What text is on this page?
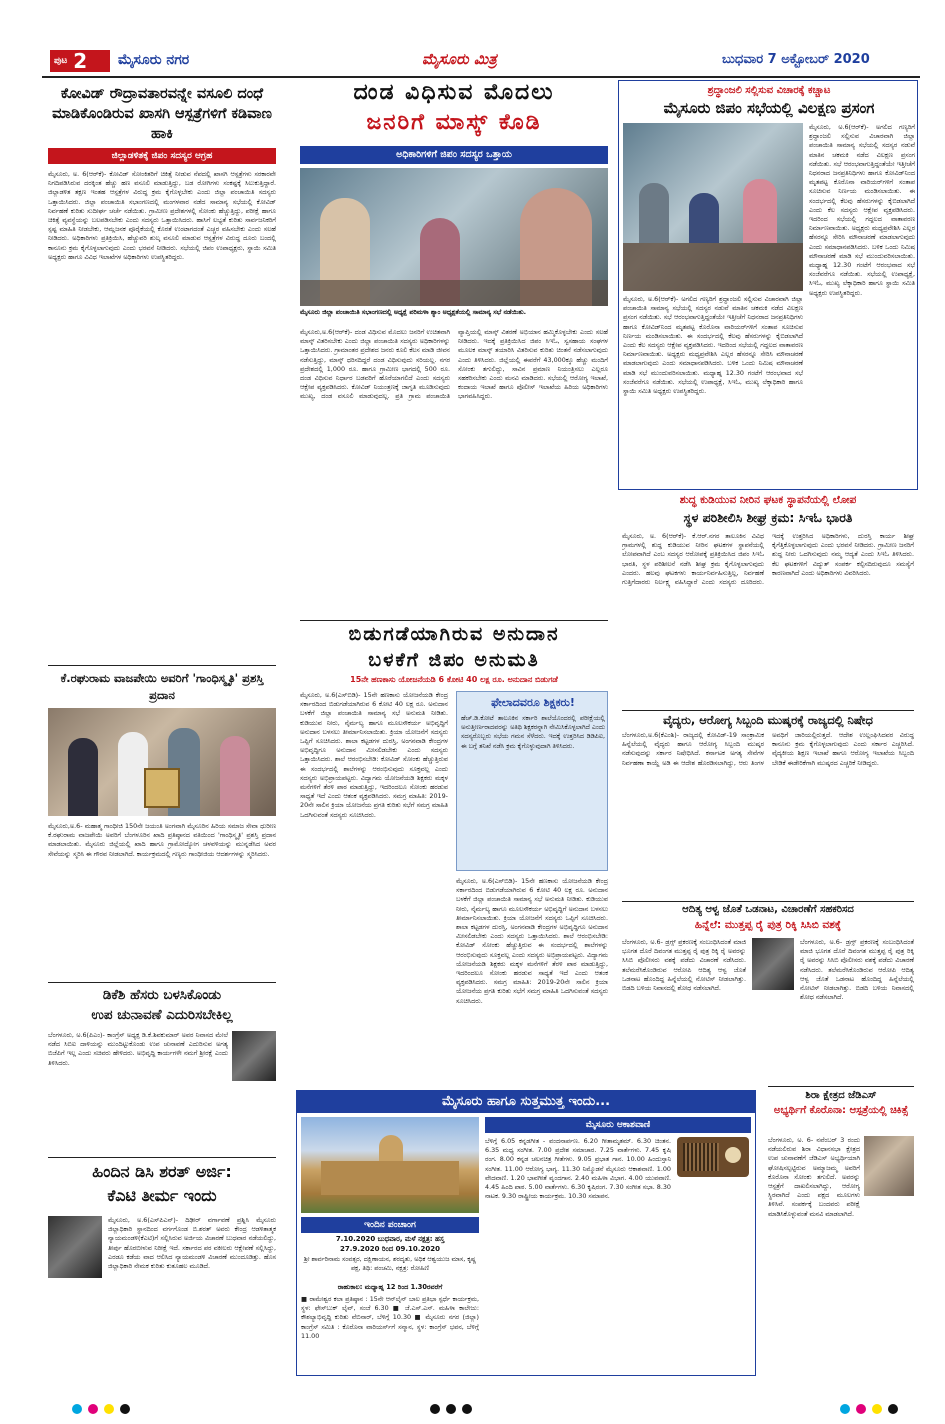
ಪುಟ 2 ಮೈಸೂರು ನಗರ	ಮೈಸೂರು ಮಿತ್ರ	ಬುಧವಾರ 7 ಅಕ್ಟೋಬರ್ 2020
ಕೋವಿಡ್ ರೌದ್ರಾವತಾರವನ್ನೇ ವಸೂಲಿ ದಂಧೆ ಮಾಡಿಕೊಂಡಿರುವ ಖಾಸಗಿ ಆಸ್ಪತ್ರೆಗಳಿಗೆ ಕಡಿವಾಣ ಹಾಕಿ
ಜಿಲ್ಲಾಡಳಿತಕ್ಕೆ ಜಿಪಂ ಸದಸ್ಯರ ಆಗ್ರಹ
ಮೈಸೂರು, ಅ. 6(ಆರ್‌ಕೆ)- ಕೋವಿಡ್ ಸೋಂಕಿತರಿಗೆ ಚಿಕಿತ್ಸೆ ನೀಡುವ ನೆಪದಲ್ಲಿ ಖಾಸಗಿ ಆಸ್ಪತ್ರೆಗಳು ಸರಕಾರವೇ ನಿಗದಿಪಡಿಸಿರುವ ದರಕ್ಕಿಂತ ಹೆಚ್ಚು ಹಣ ವಸೂಲಿ ಮಾಡುತ್ತಿದ್ದು, ಬಡ ರೋಗಿಗಳು ಸಂಕಷ್ಟಕ್ಕೆ ಸಿಲುಕುತ್ತಿದ್ದಾರೆ. ಜಿಲ್ಲಾಡಳಿತ ತಕ್ಷಣ ಇಂತಹ ಆಸ್ಪತ್ರೆಗಳ ವಿರುದ್ಧ ಕ್ರಮ ಕೈಗೊಳ್ಳಬೇಕು ಎಂದು ಜಿಲ್ಲಾ ಪಂಚಾಯಿತಿ ಸದಸ್ಯರು ಒತ್ತಾಯಿಸಿದರು. ಜಿಲ್ಲಾ ಪಂಚಾಯಿತಿ ಸಭಾಂಗಣದಲ್ಲಿ ಮಂಗಳವಾರ ನಡೆದ ಸಾಮಾನ್ಯ ಸಭೆಯಲ್ಲಿ ಕೋವಿಡ್ ನಿರ್ವಹಣೆ ಕುರಿತು ಸುದೀರ್ಘ ಚರ್ಚೆ ನಡೆಯಿತು. ಗ್ರಾಮೀಣ ಪ್ರದೇಶಗಳಲ್ಲಿ ಸೋಂಕು ಹೆಚ್ಚುತ್ತಿದ್ದು, ಪರೀಕ್ಷೆ ಹಾಗೂ ಚಿಕಿತ್ಸೆ ವ್ಯವಸ್ಥೆಯನ್ನು ಬಲಪಡಿಸಬೇಕು ಎಂದು ಸದಸ್ಯರು ಒತ್ತಾಯಿಸಿದರು. ಹಾಸಿಗೆ ಲಭ್ಯತೆ ಕುರಿತು ಸಾರ್ವಜನಿಕರಿಗೆ ಸ್ಪಷ್ಟ ಮಾಹಿತಿ ನೀಡಬೇಕು, ಆಮ್ಲಜನಕ ಪೂರೈಕೆಯಲ್ಲಿ ಕೊರತೆ ಉಂಟಾಗದಂತೆ ಎಚ್ಚರ ವಹಿಸಬೇಕು ಎಂದು ಸಲಹೆ ನೀಡಿದರು. ಅಧಿಕಾರಿಗಳು ಪ್ರತಿಕ್ರಿಯಿಸಿ, ಹೆಚ್ಚುವರಿ ಶುಲ್ಕ ವಸೂಲಿ ಮಾಡುವ ಆಸ್ಪತ್ರೆಗಳ ವಿರುದ್ಧ ದೂರು ಬಂದಲ್ಲಿ ಕಾನೂನು ಕ್ರಮ ಕೈಗೊಳ್ಳಲಾಗುವುದು ಎಂದು ಭರವಸೆ ನೀಡಿದರು. ಸಭೆಯಲ್ಲಿ ಜಿಪಂ ಉಪಾಧ್ಯಕ್ಷರು, ಸ್ಥಾಯಿ ಸಮಿತಿ ಅಧ್ಯಕ್ಷರು ಹಾಗೂ ವಿವಿಧ ಇಲಾಖೆಗಳ ಅಧಿಕಾರಿಗಳು ಉಪಸ್ಥಿತರಿದ್ದರು.
ಕೆ.ರಘುರಾಮ ವಾಜಪೇಯಿ ಅವರಿಗೆ 'ಗಾಂಧಿಸ್ಮೃತಿ' ಪ್ರಶಸ್ತಿ ಪ್ರದಾನ
ಮೈಸೂರು,ಅ.6- ಮಹಾತ್ಮ ಗಾಂಧೀಜಿ 150ನೇ ಜಯಂತಿ ಅಂಗವಾಗಿ ಮೈಸೂರಿನ ಹಿರಿಯ ಸಮಾಜ ಸೇವಾ ಧುರೀಣ ಕೆ.ರಘುರಾಮ ವಾಜಪೇಯಿ ಅವರಿಗೆ ಬೆಂಗಳೂರಿನ ಖಾದಿ ಪ್ರತಿಷ್ಠಾನದ ವತಿಯಿಂದ 'ಗಾಂಧಿಸ್ಮೃತಿ' ಪ್ರಶಸ್ತಿ ಪ್ರದಾನ ಮಾಡಲಾಯಿತು. ಮೈಸೂರು ಜಿಲ್ಲೆಯಲ್ಲಿ ಖಾದಿ ಹಾಗೂ ಗ್ರಾಮೋದ್ಯೋಗ ಚಳವಳಿಯನ್ನು ಮುನ್ನಡೆಸಿದ ಅವರ ಸೇವೆಯನ್ನು ಸ್ಮರಿಸಿ ಈ ಗೌರವ ನೀಡಲಾಗಿದೆ. ಕಾರ್ಯಕ್ರಮದಲ್ಲಿ ಗಣ್ಯರು ಗಾಂಧೀಜಿಯ ಆದರ್ಶಗಳನ್ನು ಸ್ಮರಿಸಿದರು.
ಡಿಕೆಶಿ ಹೆಸರು ಬಳಸಿಕೊಂಡು
ಉಪ ಚುನಾವಣೆ ಎದುರಿಸಬೇಕಿಲ್ಲ
ಬೆಂಗಳೂರು, ಅ.6(ಪಿಎಂ)- ಕಾಂಗ್ರೆಸ್ ಅಧ್ಯಕ್ಷ ಡಿ.ಕೆ.ಶಿವಕುಮಾರ್ ಅವರ ನಿವಾಸದ ಮೇಲೆ ನಡೆದ ಸಿಬಿಐ ದಾಳಿಯನ್ನು ಮುಂದಿಟ್ಟುಕೊಂಡು ಉಪ ಚುನಾವಣೆ ಎದುರಿಸುವ ಅಗತ್ಯ ಬಿಜೆಪಿಗೆ ಇಲ್ಲ ಎಂದು ಸಚಿವರು ಹೇಳಿದರು. ಅಭಿವೃದ್ಧಿ ಕಾರ್ಯಗಳೇ ನಮಗೆ ಶ್ರೀರಕ್ಷೆ ಎಂದು ತಿಳಿಸಿದರು.
ಹಿಂದಿನ ಡಿಸಿ ಶರತ್ ಅರ್ಜಿ:
ಕೆಎಟಿ ತೀರ್ಮ ಇಂದು
ಮೈಸೂರು, ಅ.6(ಎಸ್‌ಪಿಎನ್)- ದಿಢೀರ್ ವರ್ಗಾವಣೆ ಪ್ರಶ್ನಿಸಿ ಮೈಸೂರು ಜಿಲ್ಲಾಧಿಕಾರಿ ಸ್ಥಾನದಿಂದ ವರ್ಗಗೊಂಡ ಬಿ.ಶರತ್ ಅವರು ಕೇಂದ್ರ ಆಡಳಿತಾತ್ಮಕ ನ್ಯಾಯಮಂಡಳಿ(ಕೆಎಟಿ)ಗೆ ಸಲ್ಲಿಸಿರುವ ಅರ್ಜಿಯ ವಿಚಾರಣೆ ಬುಧವಾರ ನಡೆಯಲಿದ್ದು, ತೀರ್ಪು ಹೊರಬೀಳುವ ನಿರೀಕ್ಷೆ ಇದೆ. ಸರ್ಕಾರದ ಪರ ವಕೀಲರು ಆಕ್ಷೇಪಣೆ ಸಲ್ಲಿಸಿದ್ದು, ಎರಡೂ ಕಡೆಯ ವಾದ ಆಲಿಸಿದ ನ್ಯಾಯಮಂಡಳಿ ವಿಚಾರಣೆ ಮುಂದೂಡಿತ್ತು. ಹೊಸ ಜಿಲ್ಲಾಧಿಕಾರಿ ನೇಮಕ ಕುರಿತು ಕುತೂಹಲ ಮೂಡಿದೆ.
ದಂಡ ವಿಧಿಸುವ ಮೊದಲು
ಜನರಿಗೆ ಮಾಸ್ಕ್ ಕೊಡಿ
ಅಧಿಕಾರಿಗಳಿಗೆ ಜಿಪಂ ಸದಸ್ಯರ ಒತ್ತಾಯ
ಮೈಸೂರು ಜಿಲ್ಲಾ ಪಂಚಾಯಿತಿ ಸಭಾಂಗಣದಲ್ಲಿ ಅಧ್ಯಕ್ಷೆ ಪರಿಮಳಾ ಶ್ಯಾಂ ಅಧ್ಯಕ್ಷತೆಯಲ್ಲಿ ಸಾಮಾನ್ಯ ಸಭೆ ನಡೆಯಿತು.
ಮೈಸೂರು,ಅ.6(ಆರ್‌ಕೆ)- ದಂಡ ವಿಧಿಸುವ ಮೊದಲು ಜನರಿಗೆ ಉಚಿತವಾಗಿ ಮಾಸ್ಕ್ ವಿತರಿಸಬೇಕು ಎಂದು ಜಿಲ್ಲಾ ಪಂಚಾಯಿತಿ ಸದಸ್ಯರು ಅಧಿಕಾರಿಗಳನ್ನು ಒತ್ತಾಯಿಸಿದರು. ಗ್ರಾಮಾಂತರ ಪ್ರದೇಶದ ಜನರು ಕೂಲಿ ಕೆಲಸ ಮಾಡಿ ಜೀವನ ನಡೆಸುತ್ತಿದ್ದು, ಮಾಸ್ಕ್ ಧರಿಸದಿದ್ದರೆ ದಂಡ ವಿಧಿಸುವುದು ಸರಿಯಲ್ಲ. ನಗರ ಪ್ರದೇಶದಲ್ಲಿ 1,000 ರೂ. ಹಾಗೂ ಗ್ರಾಮೀಣ ಭಾಗದಲ್ಲಿ 500 ರೂ. ದಂಡ ವಿಧಿಸುವ ನಿರ್ಧಾರ ಬಡವರಿಗೆ ಹೊರೆಯಾಗಲಿದೆ ಎಂದು ಸದಸ್ಯರು ಆಕ್ಷೇಪ ವ್ಯಕ್ತಪಡಿಸಿದರು. ಕೋವಿಡ್ ನಿಯಂತ್ರಣಕ್ಕೆ ಜಾಗೃತಿ ಮೂಡಿಸುವುದು ಮುಖ್ಯ, ದಂಡ ವಸೂಲಿ ಮಾಡುವುದಲ್ಲ. ಪ್ರತಿ ಗ್ರಾಮ ಪಂಚಾಯಿತಿ ವ್ಯಾಪ್ತಿಯಲ್ಲಿ ಮಾಸ್ಕ್ ವಿತರಣೆ ಅಭಿಯಾನ ಹಮ್ಮಿಕೊಳ್ಳಬೇಕು ಎಂದು ಸಲಹೆ ನೀಡಿದರು. ಇದಕ್ಕೆ ಪ್ರತಿಕ್ರಿಯಿಸಿದ ಜಿಪಂ ಸಿಇಓ, ಸ್ವಸಹಾಯ ಸಂಘಗಳ ಮೂಲಕ ಮಾಸ್ಕ್ ತಯಾರಿಸಿ ವಿತರಿಸುವ ಕುರಿತು ಚಿಂತನೆ ನಡೆಸಲಾಗುವುದು ಎಂದು ತಿಳಿಸಿದರು. ಜಿಲ್ಲೆಯಲ್ಲಿ ಈವರೆಗೆ 43,000ಕ್ಕೂ ಹೆಚ್ಚು ಮಂದಿಗೆ ಸೋಂಕು ತಗುಲಿದ್ದು, ಸಾವಿನ ಪ್ರಮಾಣ ನಿಯಂತ್ರಿಸಲು ಎಲ್ಲರೂ ಸಹಕರಿಸಬೇಕು ಎಂದು ಮನವಿ ಮಾಡಿದರು. ಸಭೆಯಲ್ಲಿ ಆರೋಗ್ಯ ಇಲಾಖೆ, ಕಂದಾಯ ಇಲಾಖೆ ಹಾಗೂ ಪೊಲೀಸ್ ಇಲಾಖೆಯ ಹಿರಿಯ ಅಧಿಕಾರಿಗಳು ಭಾಗವಹಿಸಿದ್ದರು.
ಬಿಡುಗಡೆಯಾಗಿರುವ ಅನುದಾನ
ಬಳಕೆಗೆ ಜಿಪಂ ಅನುಮತಿ
15ನೇ ಹಣಕಾಸು ಯೋಜನೆಯಡಿ 6 ಕೋಟಿ 40 ಲಕ್ಷ ರೂ. ಅನುದಾನ ಬಿಡುಗಡೆ
ಮೈಸೂರು, ಅ.6(ಎಸ್‌ಬಿಡಿ)- 15ನೇ ಹಣಕಾಸು ಯೋಜನೆಯಡಿ ಕೇಂದ್ರ ಸರ್ಕಾರದಿಂದ ಬಿಡುಗಡೆಯಾಗಿರುವ 6 ಕೋಟಿ 40 ಲಕ್ಷ ರೂ. ಅನುದಾನ ಬಳಕೆಗೆ ಜಿಲ್ಲಾ ಪಂಚಾಯಿತಿ ಸಾಮಾನ್ಯ ಸಭೆ ಅನುಮತಿ ನೀಡಿತು. ಕುಡಿಯುವ ನೀರು, ನೈರ್ಮಲ್ಯ ಹಾಗೂ ಮೂಲಸೌಕರ್ಯ ಅಭಿವೃದ್ಧಿಗೆ ಅನುದಾನ ಬಳಸಲು ತೀರ್ಮಾನಿಸಲಾಯಿತು. ಕ್ರಿಯಾ ಯೋಜನೆಗೆ ಸದಸ್ಯರು ಒಪ್ಪಿಗೆ ಸೂಚಿಸಿದರು. ಶಾಲಾ ಕಟ್ಟಡಗಳ ದುರಸ್ತಿ, ಅಂಗನವಾಡಿ ಕೇಂದ್ರಗಳ ಅಭಿವೃದ್ಧಿಗೂ ಅನುದಾನ ಮೀಸಲಿಡಬೇಕು ಎಂದು ಸದಸ್ಯರು ಒತ್ತಾಯಿಸಿದರು. ಶಾಲೆ ಆರಂಭಿಸಬೇಡಿ: ಕೋವಿಡ್ ಸೋಂಕು ಹೆಚ್ಚುತ್ತಿರುವ ಈ ಸಂದರ್ಭದಲ್ಲಿ ಶಾಲೆಗಳನ್ನು ಆರಂಭಿಸುವುದು ಸೂಕ್ತವಲ್ಲ ಎಂದು ಸದಸ್ಯರು ಅಭಿಪ್ರಾಯಪಟ್ಟರು. ವಿದ್ಯಾಗಮ ಯೋಜನೆಯಡಿ ಶಿಕ್ಷಕರು ಮಕ್ಕಳ ಮನೆಗಳಿಗೆ ತೆರಳಿ ಪಾಠ ಮಾಡುತ್ತಿದ್ದು, ಇದರಿಂದಲೂ ಸೋಂಕು ಹರಡುವ ಸಾಧ್ಯತೆ ಇದೆ ಎಂದು ಆತಂಕ ವ್ಯಕ್ತಪಡಿಸಿದರು. ಸಮಗ್ರ ಮಾಹಿತಿ: 2019-20ನೇ ಸಾಲಿನ ಕ್ರಿಯಾ ಯೋಜನೆಯ ಪ್ರಗತಿ ಕುರಿತು ಸಭೆಗೆ ಸಮಗ್ರ ಮಾಹಿತಿ ಒದಗಿಸುವಂತೆ ಸದಸ್ಯರು ಸೂಚಿಸಿದರು.
ಫೇಲಾದವರೂ ಶಿಕ್ಷಕರು!
ಹೆಚ್.ಡಿ.ಕೋಟೆ ತಾಲೂಕಿನ ಸರ್ಕಾರಿ ಶಾಲೆಯೊಂದರಲ್ಲಿ ಪರೀಕ್ಷೆಯಲ್ಲಿ ಅನುತ್ತೀರ್ಣರಾದವರನ್ನು ಅತಿಥಿ ಶಿಕ್ಷಕರನ್ನಾಗಿ ನೇಮಿಸಿಕೊಳ್ಳಲಾಗಿದೆ ಎಂದು ಸದಸ್ಯರೊಬ್ಬರು ಸಭೆಯ ಗಮನ ಸೆಳೆದರು. ಇದಕ್ಕೆ ಉತ್ತರಿಸಿದ ಡಿಡಿಪಿಐ, ಈ ಬಗ್ಗೆ ತನಿಖೆ ನಡೆಸಿ ಕ್ರಮ ಕೈಗೊಳ್ಳುವುದಾಗಿ ತಿಳಿಸಿದರು.
ಮೈಸೂರು, ಅ.6(ಎಸ್‌ಬಿಡಿ)- 15ನೇ ಹಣಕಾಸು ಯೋಜನೆಯಡಿ ಕೇಂದ್ರ ಸರ್ಕಾರದಿಂದ ಬಿಡುಗಡೆಯಾಗಿರುವ 6 ಕೋಟಿ 40 ಲಕ್ಷ ರೂ. ಅನುದಾನ ಬಳಕೆಗೆ ಜಿಲ್ಲಾ ಪಂಚಾಯಿತಿ ಸಾಮಾನ್ಯ ಸಭೆ ಅನುಮತಿ ನೀಡಿತು. ಕುಡಿಯುವ ನೀರು, ನೈರ್ಮಲ್ಯ ಹಾಗೂ ಮೂಲಸೌಕರ್ಯ ಅಭಿವೃದ್ಧಿಗೆ ಅನುದಾನ ಬಳಸಲು ತೀರ್ಮಾನಿಸಲಾಯಿತು. ಕ್ರಿಯಾ ಯೋಜನೆಗೆ ಸದಸ್ಯರು ಒಪ್ಪಿಗೆ ಸೂಚಿಸಿದರು. ಶಾಲಾ ಕಟ್ಟಡಗಳ ದುರಸ್ತಿ, ಅಂಗನವಾಡಿ ಕೇಂದ್ರಗಳ ಅಭಿವೃದ್ಧಿಗೂ ಅನುದಾನ ಮೀಸಲಿಡಬೇಕು ಎಂದು ಸದಸ್ಯರು ಒತ್ತಾಯಿಸಿದರು. ಶಾಲೆ ಆರಂಭಿಸಬೇಡಿ: ಕೋವಿಡ್ ಸೋಂಕು ಹೆಚ್ಚುತ್ತಿರುವ ಈ ಸಂದರ್ಭದಲ್ಲಿ ಶಾಲೆಗಳನ್ನು ಆರಂಭಿಸುವುದು ಸೂಕ್ತವಲ್ಲ ಎಂದು ಸದಸ್ಯರು ಅಭಿಪ್ರಾಯಪಟ್ಟರು. ವಿದ್ಯಾಗಮ ಯೋಜನೆಯಡಿ ಶಿಕ್ಷಕರು ಮಕ್ಕಳ ಮನೆಗಳಿಗೆ ತೆರಳಿ ಪಾಠ ಮಾಡುತ್ತಿದ್ದು, ಇದರಿಂದಲೂ ಸೋಂಕು ಹರಡುವ ಸಾಧ್ಯತೆ ಇದೆ ಎಂದು ಆತಂಕ ವ್ಯಕ್ತಪಡಿಸಿದರು. ಸಮಗ್ರ ಮಾಹಿತಿ: 2019-20ನೇ ಸಾಲಿನ ಕ್ರಿಯಾ ಯೋಜನೆಯ ಪ್ರಗತಿ ಕುರಿತು ಸಭೆಗೆ ಸಮಗ್ರ ಮಾಹಿತಿ ಒದಗಿಸುವಂತೆ ಸದಸ್ಯರು ಸೂಚಿಸಿದರು.
ಶ್ರದ್ಧಾಂಜಲಿ ಸಲ್ಲಿಸುವ ವಿಚಾರಕ್ಕೆ ಕಚ್ಚಾಟ
ಮೈಸೂರು ಜಿಪಂ ಸಭೆಯಲ್ಲಿ ವಿಲಕ್ಷಣ ಪ್ರಸಂಗ
ಮೈಸೂರು, ಅ.6(ಆರ್‌ಕೆ)- ಅಗಲಿದ ಗಣ್ಯರಿಗೆ ಶ್ರದ್ಧಾಂಜಲಿ ಸಲ್ಲಿಸುವ ವಿಚಾರವಾಗಿ ಜಿಲ್ಲಾ ಪಂಚಾಯಿತಿ ಸಾಮಾನ್ಯ ಸಭೆಯಲ್ಲಿ ಸದಸ್ಯರ ನಡುವೆ ಮಾತಿನ ಚಕಮಕಿ ನಡೆದ ವಿಲಕ್ಷಣ ಪ್ರಸಂಗ ನಡೆಯಿತು. ಸಭೆ ಆರಂಭವಾಗುತ್ತಿದ್ದಂತೆಯೇ ಇತ್ತೀಚೆಗೆ ನಿಧನರಾದ ಜನಪ್ರತಿನಿಧಿಗಳು ಹಾಗೂ ಕೋವಿಡ್‌ನಿಂದ ಮೃತಪಟ್ಟ ಕೊರೊನಾ ವಾರಿಯರ್‌ಗಳಿಗೆ ಸಂತಾಪ ಸೂಚಿಸುವ ನಿರ್ಣಯ ಮಂಡಿಸಲಾಯಿತು. ಈ ಸಂದರ್ಭದಲ್ಲಿ ಕೆಲವು ಹೆಸರುಗಳನ್ನು ಕೈಬಿಡಲಾಗಿದೆ ಎಂದು ಕೆಲ ಸದಸ್ಯರು ಆಕ್ಷೇಪ ವ್ಯಕ್ತಪಡಿಸಿದರು. ಇದರಿಂದ ಸಭೆಯಲ್ಲಿ ಗದ್ದಲದ ವಾತಾವರಣ ನಿರ್ಮಾಣವಾಯಿತು. ಅಧ್ಯಕ್ಷರು ಮಧ್ಯಪ್ರವೇಶಿಸಿ ಎಲ್ಲರ ಹೆಸರನ್ನೂ ಸೇರಿಸಿ ಮೌನಾಚರಣೆ ಮಾಡಲಾಗುವುದು ಎಂದು ಸಮಾಧಾನಪಡಿಸಿದರು. ಬಳಿಕ ಒಂದು ನಿಮಿಷ ಮೌನಾಚರಣೆ ಮಾಡಿ ಸಭೆ ಮುಂದುವರಿಸಲಾಯಿತು. ಮಧ್ಯಾಹ್ನ 12.30 ಗಂಟೆಗೆ ಆರಂಭವಾದ ಸಭೆ ಸಂಜೆವರೆಗೂ ನಡೆಯಿತು. ಸಭೆಯಲ್ಲಿ ಉಪಾಧ್ಯಕ್ಷೆ, ಸಿಇಓ, ಮುಖ್ಯ ಲೆಕ್ಕಾಧಿಕಾರಿ ಹಾಗೂ ಸ್ಥಾಯಿ ಸಮಿತಿ ಅಧ್ಯಕ್ಷರು ಉಪಸ್ಥಿತರಿದ್ದರು.
ಮೈಸೂರು, ಅ.6(ಆರ್‌ಕೆ)- ಅಗಲಿದ ಗಣ್ಯರಿಗೆ ಶ್ರದ್ಧಾಂಜಲಿ ಸಲ್ಲಿಸುವ ವಿಚಾರವಾಗಿ ಜಿಲ್ಲಾ ಪಂಚಾಯಿತಿ ಸಾಮಾನ್ಯ ಸಭೆಯಲ್ಲಿ ಸದಸ್ಯರ ನಡುವೆ ಮಾತಿನ ಚಕಮಕಿ ನಡೆದ ವಿಲಕ್ಷಣ ಪ್ರಸಂಗ ನಡೆಯಿತು. ಸಭೆ ಆರಂಭವಾಗುತ್ತಿದ್ದಂತೆಯೇ ಇತ್ತೀಚೆಗೆ ನಿಧನರಾದ ಜನಪ್ರತಿನಿಧಿಗಳು ಹಾಗೂ ಕೋವಿಡ್‌ನಿಂದ ಮೃತಪಟ್ಟ ಕೊರೊನಾ ವಾರಿಯರ್‌ಗಳಿಗೆ ಸಂತಾಪ ಸೂಚಿಸುವ ನಿರ್ಣಯ ಮಂಡಿಸಲಾಯಿತು. ಈ ಸಂದರ್ಭದಲ್ಲಿ ಕೆಲವು ಹೆಸರುಗಳನ್ನು ಕೈಬಿಡಲಾಗಿದೆ ಎಂದು ಕೆಲ ಸದಸ್ಯರು ಆಕ್ಷೇಪ ವ್ಯಕ್ತಪಡಿಸಿದರು. ಇದರಿಂದ ಸಭೆಯಲ್ಲಿ ಗದ್ದಲದ ವಾತಾವರಣ ನಿರ್ಮಾಣವಾಯಿತು. ಅಧ್ಯಕ್ಷರು ಮಧ್ಯಪ್ರವೇಶಿಸಿ ಎಲ್ಲರ ಹೆಸರನ್ನೂ ಸೇರಿಸಿ ಮೌನಾಚರಣೆ ಮಾಡಲಾಗುವುದು ಎಂದು ಸಮಾಧಾನಪಡಿಸಿದರು. ಬಳಿಕ ಒಂದು ನಿಮಿಷ ಮೌನಾಚರಣೆ ಮಾಡಿ ಸಭೆ ಮುಂದುವರಿಸಲಾಯಿತು. ಮಧ್ಯಾಹ್ನ 12.30 ಗಂಟೆಗೆ ಆರಂಭವಾದ ಸಭೆ ಸಂಜೆವರೆಗೂ ನಡೆಯಿತು. ಸಭೆಯಲ್ಲಿ ಉಪಾಧ್ಯಕ್ಷೆ, ಸಿಇಓ, ಮುಖ್ಯ ಲೆಕ್ಕಾಧಿಕಾರಿ ಹಾಗೂ ಸ್ಥಾಯಿ ಸಮಿತಿ ಅಧ್ಯಕ್ಷರು ಉಪಸ್ಥಿತರಿದ್ದರು.
ಶುದ್ಧ ಕುಡಿಯುವ ನೀರಿನ ಘಟಕ ಸ್ಥಾಪನೆಯಲ್ಲಿ ಲೋಪ
ಸ್ಥಳ ಪರಿಶೀಲಿಸಿ ಶೀಘ್ರ ಕ್ರಮ: ಸಿಇಓ ಭಾರತಿ
ಮೈಸೂರು, ಅ. 6(ಆರ್‌ಕೆ)- ಕೆ.ಆರ್.ನಗರ ತಾಲೂಕಿನ ವಿವಿಧ ಗ್ರಾಮಗಳಲ್ಲಿ ಶುದ್ಧ ಕುಡಿಯುವ ನೀರಿನ ಘಟಕಗಳ ಸ್ಥಾಪನೆಯಲ್ಲಿ ಲೋಪವಾಗಿದೆ ಎಂಬ ಸದಸ್ಯರ ಆರೋಪಕ್ಕೆ ಪ್ರತಿಕ್ರಿಯಿಸಿದ ಜಿಪಂ ಸಿಇಓ ಭಾರತಿ, ಸ್ಥಳ ಪರಿಶೀಲನೆ ನಡೆಸಿ ಶೀಘ್ರ ಕ್ರಮ ಕೈಗೊಳ್ಳಲಾಗುವುದು ಎಂದರು. ಹಲವು ಘಟಕಗಳು ಕಾರ್ಯನಿರ್ವಹಿಸುತ್ತಿಲ್ಲ, ನಿರ್ವಹಣೆ ಗುತ್ತಿಗೆದಾರರು ನಿರ್ಲಕ್ಷ್ಯ ವಹಿಸಿದ್ದಾರೆ ಎಂದು ಸದಸ್ಯರು ದೂರಿದರು. ಇದಕ್ಕೆ ಉತ್ತರಿಸಿದ ಅಧಿಕಾರಿಗಳು, ದುರಸ್ತಿ ಕಾರ್ಯ ಶೀಘ್ರ ಕೈಗೆತ್ತಿಕೊಳ್ಳಲಾಗುವುದು ಎಂದು ಭರವಸೆ ನೀಡಿದರು. ಗ್ರಾಮೀಣ ಜನರಿಗೆ ಶುದ್ಧ ನೀರು ಒದಗಿಸುವುದು ನಮ್ಮ ಆದ್ಯತೆ ಎಂದು ಸಿಇಓ ತಿಳಿಸಿದರು. ಕೆಲ ಘಟಕಗಳಿಗೆ ವಿದ್ಯುತ್ ಸಂಪರ್ಕ ಕಲ್ಪಿಸದಿರುವುದೂ ಸಮಸ್ಯೆಗೆ ಕಾರಣವಾಗಿದೆ ಎಂದು ಅಧಿಕಾರಿಗಳು ವಿವರಿಸಿದರು.
ವೈದ್ಯರು, ಆರೋಗ್ಯ ಸಿಬ್ಬಂದಿ ಮುಷ್ಕರಕ್ಕೆ ರಾಜ್ಯದಲ್ಲಿ ನಿಷೇಧ
ಬೆಂಗಳೂರು,ಅ.6(ಕೆಎಂಶಿ)- ರಾಜ್ಯದಲ್ಲಿ ಕೋವಿಡ್-19 ಸಾಂಕ್ರಾಮಿಕ ಹಿನ್ನೆಲೆಯಲ್ಲಿ ವೈದ್ಯರು ಹಾಗೂ ಆರೋಗ್ಯ ಸಿಬ್ಬಂದಿ ಮುಷ್ಕರ ನಡೆಸುವುದನ್ನು ಸರ್ಕಾರ ನಿಷೇಧಿಸಿದೆ. ಕರ್ನಾಟಕ ಅಗತ್ಯ ಸೇವೆಗಳ ನಿರ್ವಹಣಾ ಕಾಯ್ದೆ ಅಡಿ ಈ ಆದೇಶ ಹೊರಡಿಸಲಾಗಿದ್ದು, ಆರು ತಿಂಗಳ ಅವಧಿಗೆ ಜಾರಿಯಲ್ಲಿರುತ್ತದೆ. ಆದೇಶ ಉಲ್ಲಂಘಿಸಿದವರ ವಿರುದ್ಧ ಕಾನೂನು ಕ್ರಮ ಕೈಗೊಳ್ಳಲಾಗುವುದು ಎಂದು ಸರ್ಕಾರ ಎಚ್ಚರಿಸಿದೆ. ವೈದ್ಯಕೀಯ ಶಿಕ್ಷಣ ಇಲಾಖೆ ಹಾಗೂ ಆರೋಗ್ಯ ಇಲಾಖೆಯ ಸಿಬ್ಬಂದಿ ಬೇಡಿಕೆ ಈಡೇರಿಕೆಗಾಗಿ ಮುಷ್ಕರದ ಎಚ್ಚರಿಕೆ ನೀಡಿದ್ದರು.
ಆದಿತ್ಯ ಆಳ್ವ ಜೊತೆ ಒಡನಾಟ, ವಿಚಾರಣೆಗೆ ಸಹಕರಿಸದ
ಹಿನ್ನೆಲೆ: ಮುತ್ತಪ್ಪ ರೈ ಪುತ್ರ ರಿಕ್ಕಿ ಸಿಸಿಬಿ ವಶಕ್ಕೆ
ಬೆಂಗಳೂರು, ಅ.6- ಡ್ರಗ್ಸ್ ಪ್ರಕರಣಕ್ಕೆ ಸಂಬಂಧಿಸಿದಂತೆ ಮಾಜಿ ಭೂಗತ ದೊರೆ ದಿವಂಗತ ಮುತ್ತಪ್ಪ ರೈ ಪುತ್ರ ರಿಕ್ಕಿ ರೈ ಅವರನ್ನು ಸಿಸಿಬಿ ಪೊಲೀಸರು ವಶಕ್ಕೆ ಪಡೆದು ವಿಚಾರಣೆ ನಡೆಸಿದರು. ತಲೆಮರೆಸಿಕೊಂಡಿರುವ ಆರೋಪಿ ಆದಿತ್ಯ ಆಳ್ವ ಜೊತೆ ಒಡನಾಟ ಹೊಂದಿದ್ದ ಹಿನ್ನೆಲೆಯಲ್ಲಿ ನೋಟಿಸ್ ನೀಡಲಾಗಿತ್ತು. ಬಿಡದಿ ಬಳಿಯ ನಿವಾಸದಲ್ಲಿ ಶೋಧ ನಡೆಸಲಾಗಿದೆ.
ಬೆಂಗಳೂರು, ಅ.6- ಡ್ರಗ್ಸ್ ಪ್ರಕರಣಕ್ಕೆ ಸಂಬಂಧಿಸಿದಂತೆ ಮಾಜಿ ಭೂಗತ ದೊರೆ ದಿವಂಗತ ಮುತ್ತಪ್ಪ ರೈ ಪುತ್ರ ರಿಕ್ಕಿ ರೈ ಅವರನ್ನು ಸಿಸಿಬಿ ಪೊಲೀಸರು ವಶಕ್ಕೆ ಪಡೆದು ವಿಚಾರಣೆ ನಡೆಸಿದರು. ತಲೆಮರೆಸಿಕೊಂಡಿರುವ ಆರೋಪಿ ಆದಿತ್ಯ ಆಳ್ವ ಜೊತೆ ಒಡನಾಟ ಹೊಂದಿದ್ದ ಹಿನ್ನೆಲೆಯಲ್ಲಿ ನೋಟಿಸ್ ನೀಡಲಾಗಿತ್ತು. ಬಿಡದಿ ಬಳಿಯ ನಿವಾಸದಲ್ಲಿ ಶೋಧ ನಡೆಸಲಾಗಿದೆ.
ಶಿರಾ ಕ್ಷೇತ್ರದ ಜೆಡಿಎಸ್
ಅಭ್ಯರ್ಥಿಗೆ ಕೊರೊನಾ: ಆಸ್ಪತ್ರೆಯಲ್ಲಿ ಚಿಕಿತ್ಸೆ
ಬೆಂಗಳೂರು, ಅ. 6- ನವೆಂಬರ್ 3 ರಂದು ನಡೆಯಲಿರುವ ಶಿರಾ ವಿಧಾನಸಭಾ ಕ್ಷೇತ್ರದ ಉಪ ಚುನಾವಣೆಗೆ ಜೆಡಿಎಸ್ ಅಭ್ಯರ್ಥಿಯಾಗಿ ಘೋಷಿಸಲ್ಪಟ್ಟಿರುವ ಅಮ್ಮಾಜಮ್ಮ ಅವರಿಗೆ ಕೊರೊನಾ ಸೋಂಕು ತಗುಲಿದೆ. ಅವರನ್ನು ಆಸ್ಪತ್ರೆಗೆ ದಾಖಲಿಸಲಾಗಿದ್ದು, ಆರೋಗ್ಯ ಸ್ಥಿರವಾಗಿದೆ ಎಂದು ಪಕ್ಷದ ಮೂಲಗಳು ತಿಳಿಸಿವೆ. ಸಂಪರ್ಕಕ್ಕೆ ಬಂದವರು ಪರೀಕ್ಷೆ ಮಾಡಿಸಿಕೊಳ್ಳುವಂತೆ ಮನವಿ ಮಾಡಲಾಗಿದೆ.
ಮೈಸೂರು ಹಾಗೂ ಸುತ್ತಮುತ್ತ ಇಂದು...
ಇಂದಿನ ಪಂಚಾಂಗ
7.10.2020 ಬುಧವಾರ, ಮಳೆ ನಕ್ಷತ್ರ: ಹಸ್ತ
27.9.2020 ರಿಂದ 09.10.2020
ಶ್ರೀ ಶಾರ್ವರಿನಾಮ ಸಂವತ್ಸರ, ದಕ್ಷಿಣಾಯನ, ಶರದೃತು, ಅಧಿಕ ಆಶ್ವಯುಜ ಮಾಸ, ಕೃಷ್ಣ ಪಕ್ಷ, ತಿಥಿ: ಪಂಚಮಿ, ನಕ್ಷತ್ರ: ರೋಹಿಣಿ
ರಾಹುಕಾಲ: ಮಧ್ಯಾಹ್ನ 12 ರಿಂದ 1.30ರವರೆಗೆ
■ ರಾಮೇಶ್ವರ ಕಲಾ ಪ್ರತಿಷ್ಠಾನ : 15ನೇ ಆನ್‌ಲೈನ್ ಬಾಲ ಪ್ರತಿಭಾ ಸ್ಪರ್ಧೆ ಕಾರ್ಯಕ್ರಮ, ಸ್ಥಳ: ಫೇಸ್‌ಬುಕ್ ಲೈವ್, ಸಂಜೆ 6.30 ■ ಜೆ.ಎಸ್.ಎಸ್. ಮಹಿಳಾ ಕಾಲೇಜು: ಕೌಶಲ್ಯಾಭಿವೃದ್ಧಿ ಕುರಿತು ವೆಬಿನಾರ್, ಬೆಳಿಗ್ಗೆ 10.30 ■ ಮೈಸೂರು ನಗರ (ಜಿಲ್ಲಾ) ಕಾಂಗ್ರೆಸ್ ಸಮಿತಿ : ಕೊರೊನಾ ವಾರಿಯರ್ಸ್‌ಗೆ ಸನ್ಮಾನ, ಸ್ಥಳ: ಕಾಂಗ್ರೆಸ್ ಭವನ, ಬೆಳಿಗ್ಗೆ 11.00
ಮೈಸೂರು ಆಕಾಶವಾಣಿ
ಬೆಳಿಗ್ಗೆ 6.05 ಕನ್ನಡಗೀತ - ವಂದನಾರ್ಪಣ. 6.20 ಗೀತಾಮೃತಮ್. 6.30 ಚಿಂತನ. 6.35 ಮಧ್ಯ ಸಂಗೀತ. 7.00 ಪ್ರದೇಶ ಸಮಾಚಾರ. 7.25 ವಾರ್ತೆಗಳು. 7.45 ಕೃಷಿ ರಂಗ. 8.00 ಕನ್ನಡ ಚಲನಚಿತ್ರ ಗೀತೆಗಳು. 9.05 ಪ್ರಭಾತ ಗಾನ. 10.00 ಹಿಂದುಸ್ತಾನಿ ಸಂಗೀತ. 11.00 ಆರೋಗ್ಯ ಭಾಗ್ಯ. 11.30 ನಿಮ್ಮೊಡನೆ ಮೈಸೂರು ಆಕಾಶವಾಣಿ. 1.00 ವೇದವಾಣಿ. 1.20 ಭಾವಗೀತೆ ವೃಂದಗಾನ. 2.40 ಮಹಿಳಾ ವಿಭಾಗ. 4.00 ಯುವವಾಣಿ. 4.45 ಹಿಂದಿ ಪಾಠ. 5.00 ವಾರ್ತೆಗಳು. 6.30 ಕೃಷಿರಂಗ. 7.30 ಸಂಗೀತ ಸಭಾ. 8.30 ನಾಟಕ. 9.30 ರಾಷ್ಟ್ರೀಯ ಕಾರ್ಯಕ್ರಮ. 10.30 ಸಮಾಪನ.
